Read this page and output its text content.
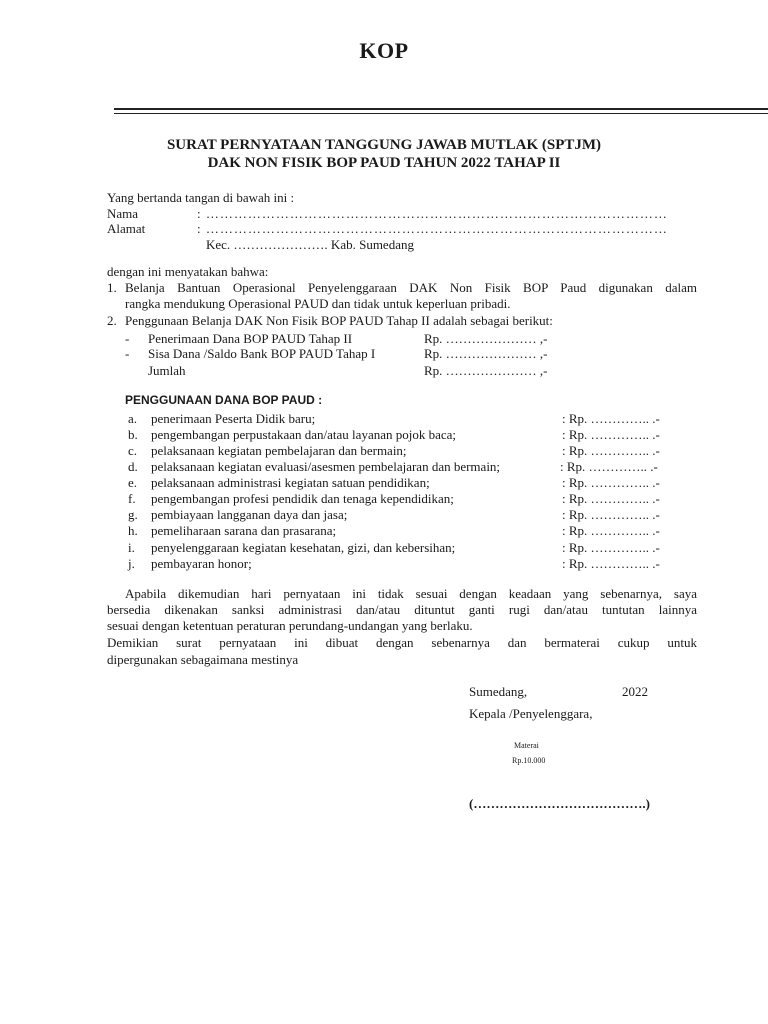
KOP
SURAT PERNYATAAN TANGGUNG JAWAB MUTLAK (SPTJM)
DAK NON FISIK BOP PAUD TAHUN 2022 TAHAP II
Yang bertanda tangan di bawah ini :
Nama	: ………………………………………………………………………………………
Alamat	: ………………………………………………………………………………………
Kec. …………………. Kab. Sumedang
dengan ini menyatakan bahwa:
1. Belanja Bantuan Operasional Penyelenggaraan DAK Non Fisik BOP Paud digunakan dalam
rangka mendukung Operasional PAUD dan tidak untuk keperluan pribadi.
2. Penggunaan Belanja DAK Non Fisik BOP PAUD Tahap II adalah sebagai berikut:
- Penerimaan Dana BOP PAUD Tahap II	Rp. ………………… ,-
- Sisa Dana /Saldo Bank BOP PAUD Tahap I	Rp. ………………… ,-
Jumlah	Rp. ………………… ,-
PENGGUNAAN DANA BOP PAUD :
a. penerimaan Peserta Didik baru;	: Rp. ………….. .-
b. pengembangan perpustakaan dan/atau layanan pojok baca;	: Rp. ………….. .-
c. pelaksanaan kegiatan pembelajaran dan bermain;	: Rp. ………….. .-
d. pelaksanaan kegiatan evaluasi/asesmen pembelajaran dan bermain;	: Rp. ………….. .-
e. pelaksanaan administrasi kegiatan satuan pendidikan;	: Rp. ………….. .-
f. pengembangan profesi pendidik dan tenaga kependidikan;	: Rp. ………….. .-
g. pembiayaan langganan daya dan jasa;	: Rp. ………….. .-
h. pemeliharaan sarana dan prasarana;	: Rp. ………….. .-
i. penyelenggaraan kegiatan kesehatan, gizi, dan kebersihan;	: Rp. ………….. .-
j. pembayaran honor;	: Rp. ………….. .-
Apabila dikemudian hari pernyataan ini tidak sesuai dengan keadaan yang sebenarnya, saya
bersedia dikenakan sanksi administrasi dan/atau dituntut ganti rugi dan/atau tuntutan lainnya
sesuai dengan ketentuan peraturan perundang-undangan yang berlaku.
Demikian surat pernyataan ini dibuat dengan sebenarnya dan bermaterai cukup untuk
dipergunakan sebagaimana mestinya
Sumedang,	2022
Kepala /Penyelenggara,
Materai
Rp.10.000
(………………………………….)
